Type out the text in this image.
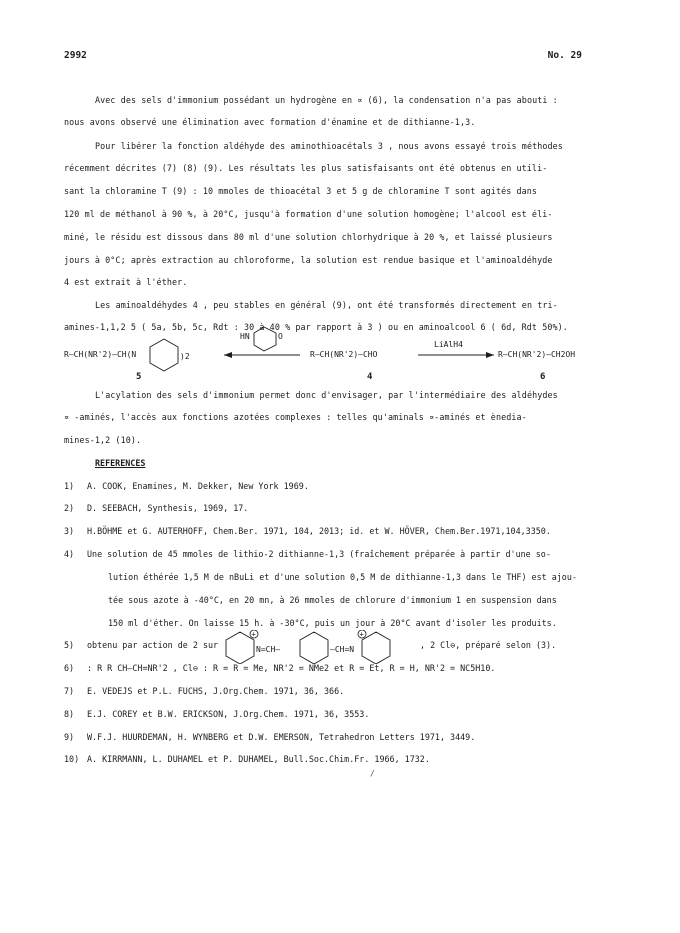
2992	No. 29
Avec des sels d'immonium possédant un hydrogène en ∝ (6), la condensation n'a pas abouti :
nous avons observé une élimination avec formation d'énamine et de dithianne-1,3.
Pour libérer la fonction aldéhyde des aminothioacétals 3 , nous avons essayé trois méthodes
récemment décrites (7) (8) (9). Les résultats les plus satisfaisants ont été obtenus en utili-
sant la chloramine T (9) : 10 mmoles de thioacétal 3 et 5 g de chloramine T sont agités dans
120 ml de méthanol à 90 %, à 20°C, jusqu'à formation d'une solution homogène; l'alcool est éli-
miné, le résidu est dissous dans 80 ml d'une solution chlorhydrique à 20 %, et laissé plusieurs
jours à 0°C; après extraction au chloroforme, la solution est rendue basique et l'aminoaldéhyde
4 est extrait à l'éther.
Les aminoaldéhydes 4 , peu stables en général (9), ont été transformés directement en tri-
amines-1,1,2 5 ( 5a, 5b, 5c, Rdt : 30 à 40 % par rapport à 3 ) ou en aminoalcool 6 ( 6d, Rdt 50%).
R—CH(NR'2)—CH(N	)2
5
HN	O
R—CH(NR'2)—CHO
4
LiAlH4
R—CH(NR'2)—CH2OH
6
L'acylation des sels d'immonium permet donc d'envisager, par l'intermédiaire des aldéhydes
∝ -aminés, l'accès aux fonctions azotées complexes : telles qu'aminals ∝-aminés et ènedia-
mines-1,2 (10).
REFERENCES
1) A. COOK, Enamines, M. Dekker, New York 1969.
2) D. SEEBACH, Synthesis, 1969, 17.
3) H.BÖHME et G. AUTERHOFF, Chem.Ber. 1971, 104, 2013; id. et W. HÖVER, Chem.Ber.1971,104,3350.
4) Une solution de 45 mmoles de lithio-2 dithianne-1,3 (fraîchement préparée à partir d'une so-
lution éthérée 1,5 M de nBuLi et d'une solution 0,5 M de dithianne-1,3 dans le THF) est ajou-
tée sous azote à -40°C, en 20 mn, à 26 mmoles de chlorure d'immonium 1 en suspension dans
150 ml d'éther. On laisse 15 h. à -30°C, puis un jour à 20°C avant d'isoler les produits.
5) obtenu par action de 2 sur
+
N=CH—	—CH=N
+
, 2 Cl⊖, préparé selon (3).
6) : R R CH—CH=NR'2 , Cl⊖ : R = R = Me, NR'2 = NMe2 et R = Et, R = H, NR'2 = NC5H10.
7) E. VEDEJS et P.L. FUCHS, J.Org.Chem. 1971, 36, 366.
8) E.J. COREY et B.W. ERICKSON, J.Org.Chem. 1971, 36, 3553.
9) W.F.J. HUURDEMAN, H. WYNBERG et D.W. EMERSON, Tetrahedron Letters 1971, 3449.
10) A. KIRRMANN, L. DUHAMEL et P. DUHAMEL, Bull.Soc.Chim.Fr. 1966, 1732.
/
